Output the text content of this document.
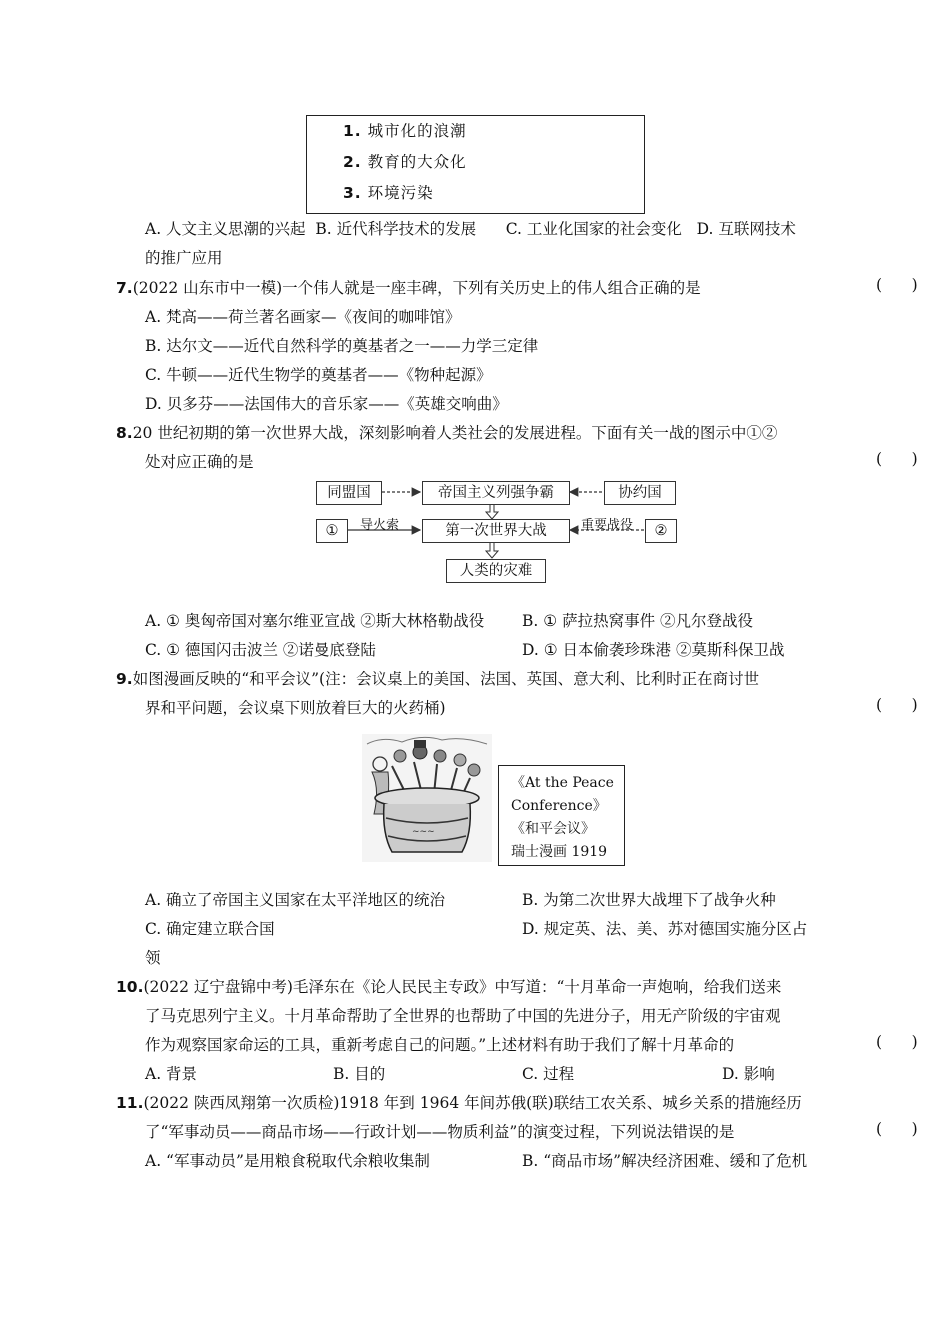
1. 城市化的浪潮
2. 教育的大众化
3. 环境污染
A. 人文主义思潮的兴起  B. 近代科学技术的发展      C. 工业化国家的社会变化   D. 互联网技术
的推广应用
7.(2022 山东市中一模)一个伟人就是一座丰碑，下列有关历史上的伟人组合正确的是	(      )
A. 梵高——荷兰著名画家—《夜间的咖啡馆》
B. 达尔文——近代自然科学的奠基者之一——力学三定律
C. 牛顿——近代生物学的奠基者——《物种起源》
D. 贝多芬——法国伟大的音乐家——《英雄交响曲》
8.20 世纪初期的第一次世界大战，深刻影响着人类社会的发展进程。下面有关一战的图示中①②
处对应正确的是	(      )
同盟国	帝国主义列强争霸	协约国
①	第一次世界大战	②
导火索	重要战役
人类的灾难
A. ① 奥匈帝国对塞尔维亚宣战 ②斯大林格勒战役 B. ① 萨拉热窝事件 ②凡尔登战役
C. ① 德国闪击波兰 ②诺曼底登陆	D. ① 日本偷袭珍珠港 ②莫斯科保卫战
9.如图漫画反映的“和平会议”(注：会议桌上的美国、法国、英国、意大利、比利时正在商讨世
界和平问题，会议桌下则放着巨大的火药桶)	(      )
~~~
《At the Peace
Conference》
《和平会议》
瑞士漫画 1919
A. 确立了帝国主义国家在太平洋地区的统治	B. 为第二次世界大战埋下了战争火种
C. 确定建立联合国	D. 规定英、法、美、苏对德国实施分区占
领
10.(2022 辽宁盘锦中考)毛泽东在《论人民民主专政》中写道：“十月革命一声炮响，给我们送来
了马克思列宁主义。十月革命帮助了全世界的也帮助了中国的先进分子，用无产阶级的宇宙观
作为观察国家命运的工具，重新考虑自己的问题。”上述材料有助于我们了解十月革命的	(      )
A. 背景	B. 目的	C. 过程	D. 影响
11.(2022 陕西凤翔第一次质检)1918 年到 1964 年间苏俄(联)联结工农关系、城乡关系的措施经历
了“军事动员——商品市场——行政计划——物质利益”的演变过程，下列说法错误的是	(      )
A. “军事动员”是用粮食税取代余粮收集制	B. “商品市场”解决经济困难、缓和了危机
